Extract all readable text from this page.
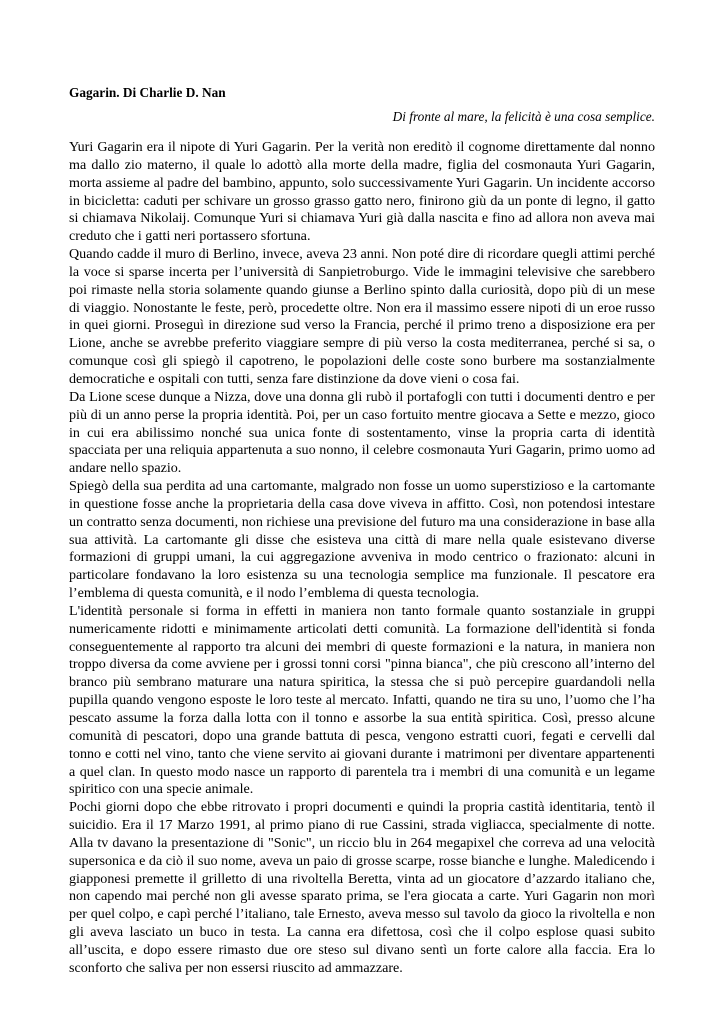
Gagarin. Di Charlie D. Nan

Di fronte al mare, la felicità è una cosa semplice.

Yuri Gagarin era il nipote di Yuri Gagarin. Per la verità non ereditò il cognome direttamente dal nonno ma dallo zio materno, il quale lo adottò alla morte della madre, figlia del cosmonauta Yuri Gagarin, morta assieme al padre del bambino, appunto, solo successivamente Yuri Gagarin. Un incidente accorso in bicicletta: caduti per schivare un grosso grasso gatto nero, finirono giù da un ponte di legno, il gatto si chiamava Nikolaij. Comunque Yuri si chiamava Yuri già dalla nascita e fino ad allora non aveva mai creduto che i gatti neri portassero sfortuna.

Quando cadde il muro di Berlino, invece, aveva 23 anni. Non poté dire di ricordare quegli attimi perché la voce si sparse incerta per l’università di Sanpietroburgo. Vide le immagini televisive che sarebbero poi rimaste nella storia solamente quando giunse a Berlino spinto dalla curiosità, dopo più di un mese di viaggio. Nonostante le feste, però, procedette oltre. Non era il massimo essere nipoti di un eroe russo in quei giorni. Proseguì in direzione sud verso la Francia, perché il primo treno a disposizione era per Lione, anche se avrebbe preferito viaggiare sempre di più verso la costa mediterranea, perché si sa, o comunque così gli spiegò il capotreno, le popolazioni delle coste sono burbere ma sostanzialmente democratiche e ospitali con tutti, senza fare distinzione da dove vieni o cosa fai.

Da Lione scese dunque a Nizza, dove una donna gli rubò il portafogli con tutti i documenti dentro e per più di un anno perse la propria identità. Poi, per un caso fortuito mentre giocava a Sette e mezzo, gioco in cui era abilissimo nonché sua unica fonte di sostentamento, vinse la propria carta di identità spacciata per una reliquia appartenuta a suo nonno, il celebre cosmonauta Yuri Gagarin, primo uomo ad andare nello spazio.

Spiegò della sua perdita ad una cartomante, malgrado non fosse un uomo superstizioso e la cartomante in questione fosse anche la proprietaria della casa dove viveva in affitto. Così, non potendosi intestare un contratto senza documenti, non richiese una previsione del futuro ma una considerazione in base alla sua attività. La cartomante gli disse che esisteva una città di mare nella quale esistevano diverse formazioni di gruppi umani, la cui aggregazione avveniva in modo centrico o frazionato: alcuni in particolare fondavano la loro esistenza su una tecnologia semplice ma funzionale. Il pescatore era l’emblema di questa comunità, e il nodo l’emblema di questa tecnologia.

L'identità personale si forma in effetti in maniera non tanto formale quanto sostanziale in gruppi numericamente ridotti e minimamente articolati detti comunità. La formazione dell'identità si fonda conseguentemente al rapporto tra alcuni dei membri di queste formazioni e la natura, in maniera non troppo diversa da come avviene per i grossi tonni corsi "pinna bianca", che più crescono all’interno del branco più sembrano maturare una natura spiritica, la stessa che si può percepire guardandoli nella pupilla quando vengono esposte le loro teste al mercato. Infatti, quando ne tira su uno, l’uomo che l’ha pescato assume la forza dalla lotta con il tonno e assorbe la sua entità spiritica. Così, presso alcune comunità di pescatori, dopo una grande battuta di pesca, vengono estratti cuori, fegati e cervelli dal tonno e cotti nel vino, tanto che viene servito ai giovani durante i matrimoni per diventare appartenenti a quel clan. In questo modo nasce un rapporto di parentela tra i membri di una comunità e un legame spiritico con una specie animale.

Pochi giorni dopo che ebbe ritrovato i propri documenti e quindi la propria castità identitaria, tentò il suicidio. Era il 17 Marzo 1991, al primo piano di rue Cassini, strada vigliacca, specialmente di notte. Alla tv davano la presentazione di "Sonic", un riccio blu in 264 megapixel che correva ad una velocità supersonica e da ciò il suo nome, aveva un paio di grosse scarpe, rosse bianche e lunghe. Maledicendo i giapponesi premette il grilletto di una rivoltella Beretta, vinta ad un giocatore d’azzardo italiano che, non capendo mai perché non gli avesse sparato prima, se l'era giocata a carte. Yuri Gagarin non morì per quel colpo, e capì perché l’italiano, tale Ernesto, aveva messo sul tavolo da gioco la rivoltella e non gli aveva lasciato un buco in testa. La canna era difettosa, così che il colpo esplose quasi subito all’uscita, e dopo essere rimasto due ore steso sul divano sentì un forte calore alla faccia. Era lo sconforto che saliva per non essersi riuscito ad ammazzare.
